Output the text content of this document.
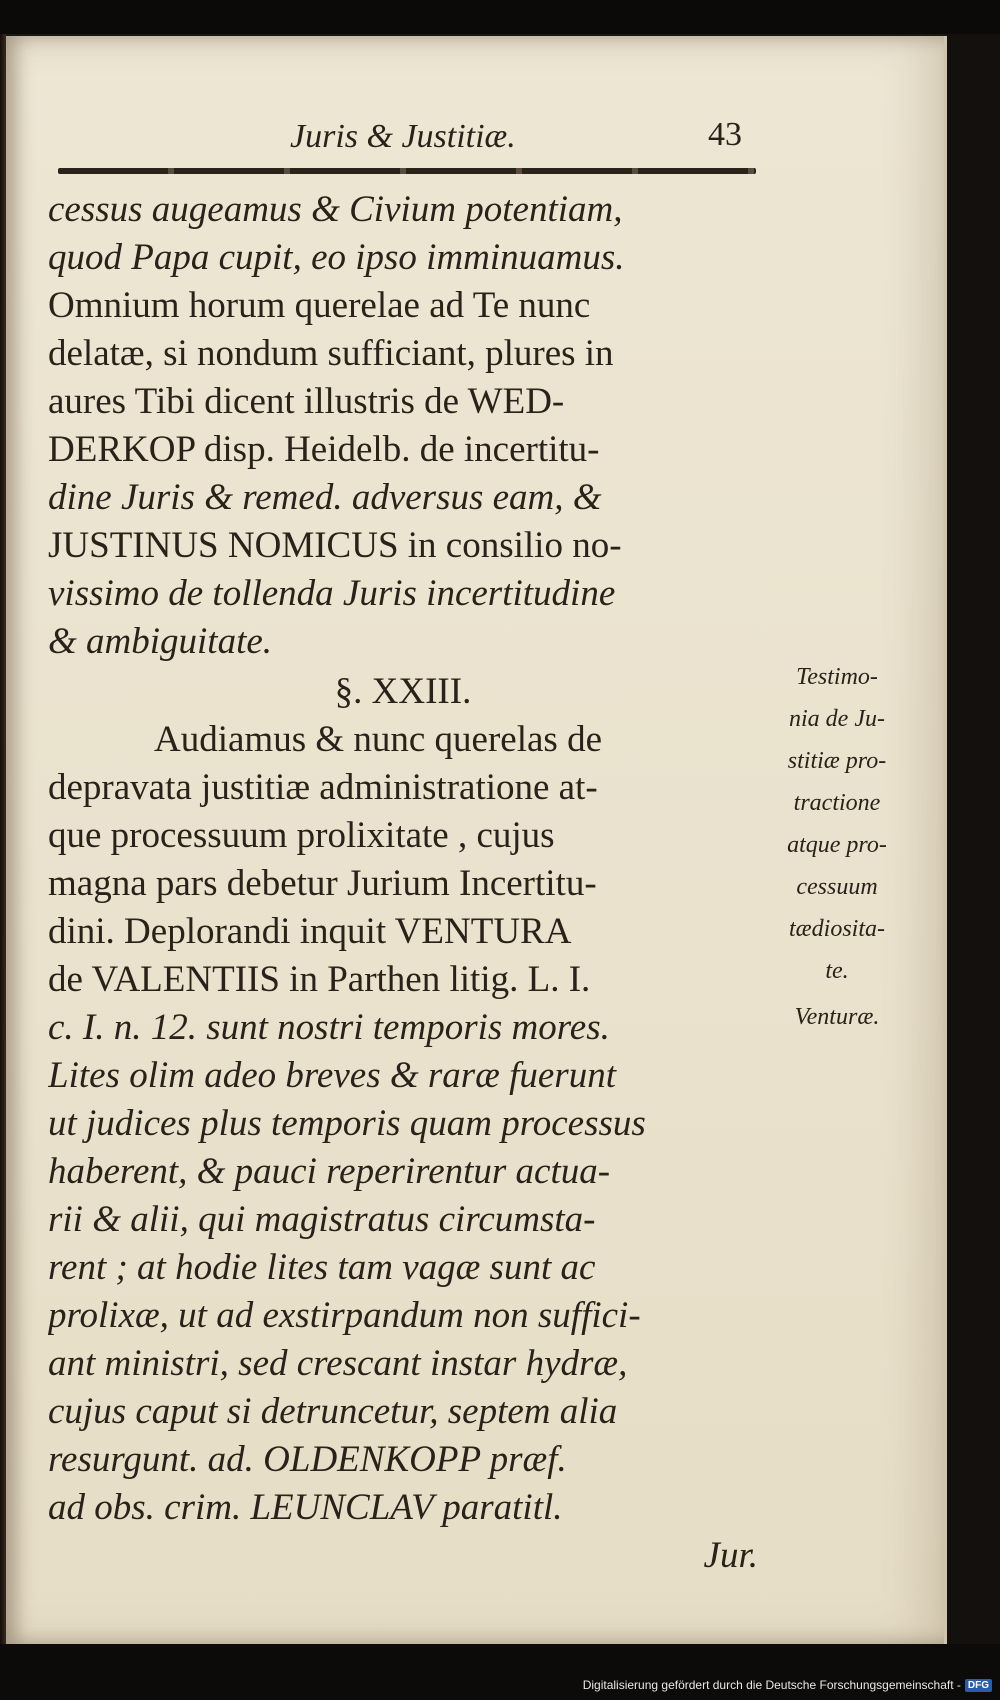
Juris & Justitiæ.	43
cessus augeamus & Civium potentiam,
quod Papa cupit, eo ipso imminuamus.
Omnium horum querelae ad Te nunc
delatæ, si nondum sufficiant, plures in
aures Tibi dicent illustris de WED-
DERKOP disp. Heidelb. de incertitu-
dine Juris & remed. adversus eam, &
JUSTINUS NOMICUS in consilio no-
vissimo de tollenda Juris incertitudine
& ambiguitate.
§. XXIII.
Audiamus & nunc querelas de
depravata justitiæ administratione at-
que processuum prolixitate , cujus
magna pars debetur Jurium Incertitu-
dini. Deplorandi inquit VENTURA
de VALENTIIS in Parthen litig. L. I.
c. I. n. 12. sunt nostri temporis mores.
Lites olim adeo breves & raræ fuerunt
ut judices plus temporis quam processus
haberent, & pauci reperirentur actua-
rii & alii, qui magistratus circumsta-
rent ; at hodie lites tam vagæ sunt ac
prolixæ, ut ad exstirpandum non suffici-
ant ministri, sed crescant instar hydræ,
cujus caput si detruncetur, septem alia
resurgunt. ad. OLDENKOPP præf.
ad obs. crim. LEUNCLAV paratitl.
Jur.
Testimo-
nia de Ju-
stitiæ pro-
tractione
atque pro-
cessuum
tædiosita-
te.
Venturæ.
Digitalisierung gefördert durch die Deutsche Forschungsgemeinschaft - DFG
